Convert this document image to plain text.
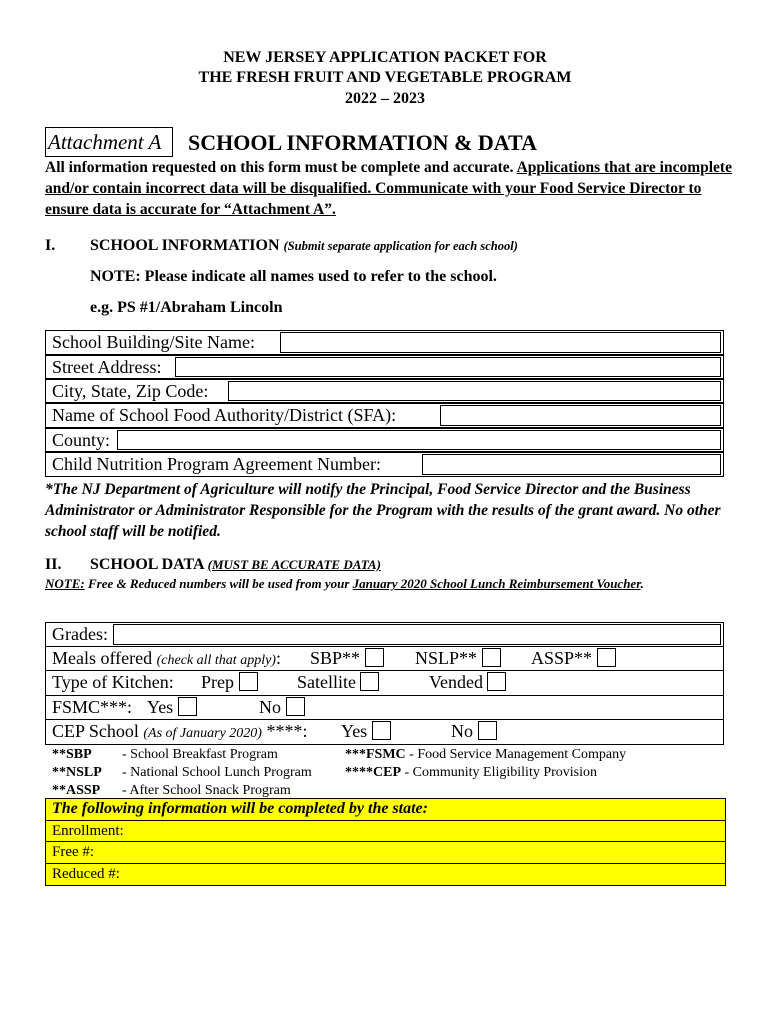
NEW JERSEY APPLICATION PACKET FOR
THE FRESH FRUIT AND VEGETABLE PROGRAM
2022 – 2023
Attachment A	SCHOOL INFORMATION & DATA
All information requested on this form must be complete and accurate. Applications that are incomplete and/or contain incorrect data will be disqualified. Communicate with your Food Service Director to ensure data is accurate for “Attachment A”.
I. SCHOOL INFORMATION (Submit separate application for each school)
NOTE: Please indicate all names used to refer to the school.
e.g. PS #1/Abraham Lincoln
School Building/Site Name:
Street Address:
City, State, Zip Code:
Name of School Food Authority/District (SFA):
County:
Child Nutrition Program Agreement Number:
*The NJ Department of Agriculture will notify the Principal, Food Service Director and the Business Administrator or Administrator Responsible for the Program with the results of the grant award. No other school staff will be notified.
II. SCHOOL DATA (MUST BE ACCURATE DATA)
NOTE: Free & Reduced numbers will be used from your January 2020 School Lunch Reimbursement Voucher.
Grades:
Meals offered (check all that apply): SBP**	NSLP**	ASSP**
Type of Kitchen: Prep	Satellite	Vended
FSMC***: Yes	No
CEP School (As of January 2020) ****: Yes	No
**SBP - School Breakfast Program
**NSLP - National School Lunch Program
**ASSP - After School Snack Program
***FSMC - Food Service Management Company
****CEP - Community Eligibility Provision
The following information will be completed by the state:
Enrollment:
Free #:
Reduced #:
